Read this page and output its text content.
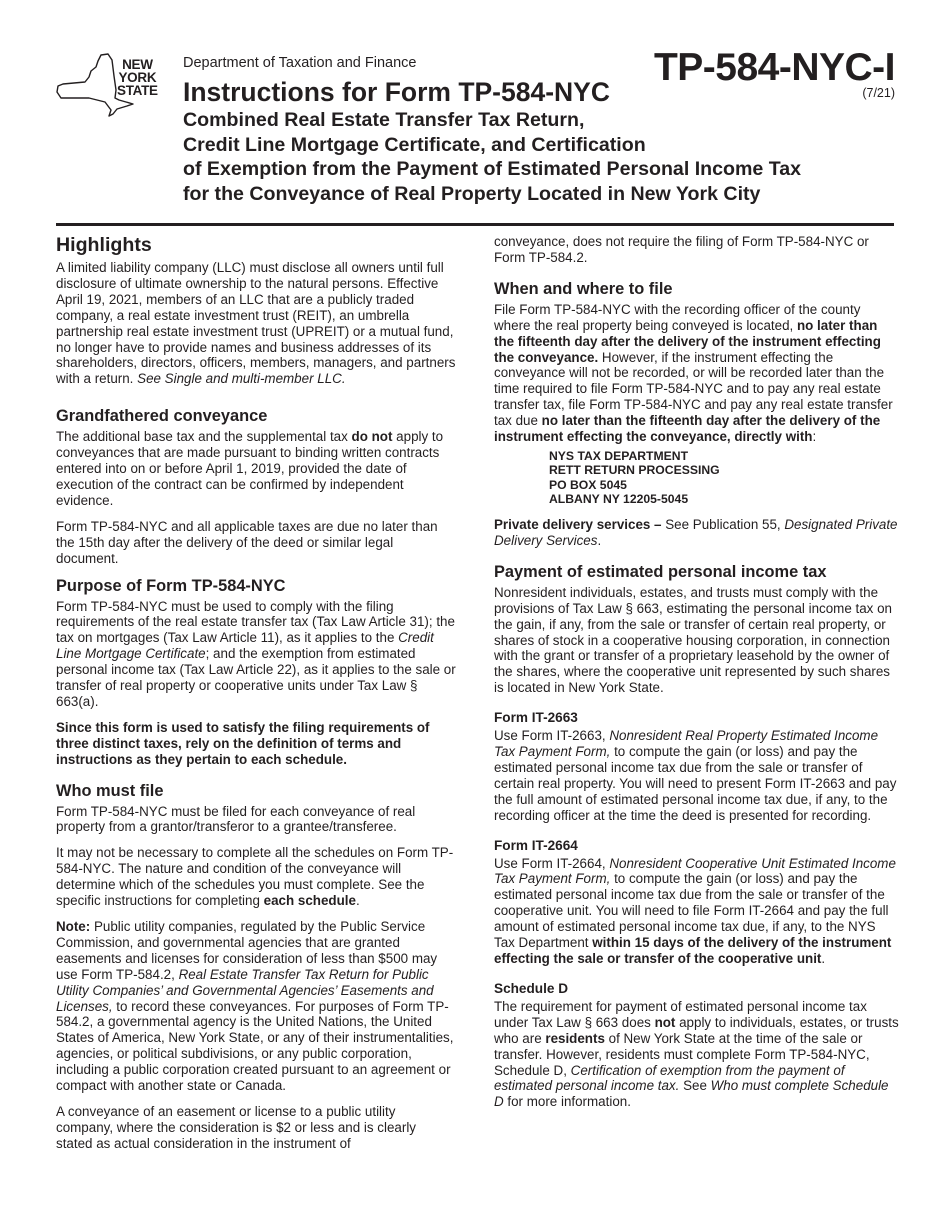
NEW
YORK
STATE
Department of Taxation and Finance	TP-584-NYC-I
(7/21)
Instructions for Form TP-584-NYC
Combined Real Estate Transfer Tax Return,
Credit Line Mortgage Certificate, and Certification
of Exemption from the Payment of Estimated Personal Income Tax
for the Conveyance of Real Property Located in New York City
Highlights

A limited liability company (LLC) must disclose all owners until full disclosure of ultimate ownership to the natural persons. Effective April 19, 2021, members of an LLC that are a publicly traded company, a real estate investment trust (REIT), an umbrella partnership real estate investment trust (UPREIT) or a mutual fund, no longer have to provide names and business addresses of its shareholders, directors, officers, members, managers, and partners with a return. See Single and multi-member LLC.

Grandfathered conveyance

The additional base tax and the supplemental tax do not apply to conveyances that are made pursuant to binding written contracts entered into on or before April 1, 2019, provided the date of execution of the contract can be confirmed by independent evidence.

Form TP-584-NYC and all applicable taxes are due no later than the 15th day after the delivery of the deed or similar legal document.

Purpose of Form TP-584-NYC

Form TP-584-NYC must be used to comply with the filing requirements of the real estate transfer tax (Tax Law Article 31); the tax on mortgages (Tax Law Article 11), as it applies to the Credit Line Mortgage Certificate; and the exemption from estimated personal income tax (Tax Law Article 22), as it applies to the sale or transfer of real property or cooperative units under Tax Law § 663(a).

Since this form is used to satisfy the filing requirements of three distinct taxes, rely on the definition of terms and instructions as they pertain to each schedule.

Who must file

Form TP-584-NYC must be filed for each conveyance of real property from a grantor/transferor to a grantee/transferee.

It may not be necessary to complete all the schedules on Form TP-584-NYC. The nature and condition of the conveyance will determine which of the schedules you must complete. See the specific instructions for completing each schedule.

Note: Public utility companies, regulated by the Public Service Commission, and governmental agencies that are granted easements and licenses for consideration of less than $500 may use Form TP-584.2, Real Estate Transfer Tax Return for Public Utility Companies’ and Governmental Agencies’ Easements and Licenses, to record these conveyances. For purposes of Form TP-584.2, a governmental agency is the United Nations, the United States of America, New York State, or any of their instrumentalities, agencies, or political subdivisions, or any public corporation, including a public corporation created pursuant to an agreement or compact with another state or Canada.

A conveyance of an easement or license to a public utility company, where the consideration is $2 or less and is clearly stated as actual consideration in the instrument of

conveyance, does not require the filing of Form TP-584-NYC or Form TP-584.2.

When and where to file

File Form TP-584-NYC with the recording officer of the county where the real property being conveyed is located, no later than the fifteenth day after the delivery of the instrument effecting the conveyance. However, if the instrument effecting the conveyance will not be recorded, or will be recorded later than the time required to file Form TP-584-NYC and to pay any real estate transfer tax, file Form TP-584-NYC and pay any real estate transfer tax due no later than the fifteenth day after the delivery of the instrument effecting the conveyance, directly with:

NYS TAX DEPARTMENT
RETT RETURN PROCESSING
PO BOX 5045
ALBANY NY 12205-5045

Private delivery services – See Publication 55, Designated Private Delivery Services.

Payment of estimated personal income tax

Nonresident individuals, estates, and trusts must comply with the provisions of Tax Law § 663, estimating the personal income tax on the gain, if any, from the sale or transfer of certain real property, or shares of stock in a cooperative housing corporation, in connection with the grant or transfer of a proprietary leasehold by the owner of the shares, where the cooperative unit represented by such shares is located in New York State.

Form IT-2663

Use Form IT-2663, Nonresident Real Property Estimated Income Tax Payment Form, to compute the gain (or loss) and pay the estimated personal income tax due from the sale or transfer of certain real property. You will need to present Form IT-2663 and pay the full amount of estimated personal income tax due, if any, to the recording officer at the time the deed is presented for recording.

Form IT-2664

Use Form IT-2664, Nonresident Cooperative Unit Estimated Income Tax Payment Form, to compute the gain (or loss) and pay the estimated personal income tax due from the sale or transfer of the cooperative unit. You will need to file Form IT-2664 and pay the full amount of estimated personal income tax due, if any, to the NYS Tax Department within 15 days of the delivery of the instrument effecting the sale or transfer of the cooperative unit.

Schedule D

The requirement for payment of estimated personal income tax under Tax Law § 663 does not apply to individuals, estates, or trusts who are residents of New York State at the time of the sale or transfer. However, residents must complete Form TP-584-NYC, Schedule D, Certification of exemption from the payment of estimated personal income tax. See Who must complete Schedule D for more information.
